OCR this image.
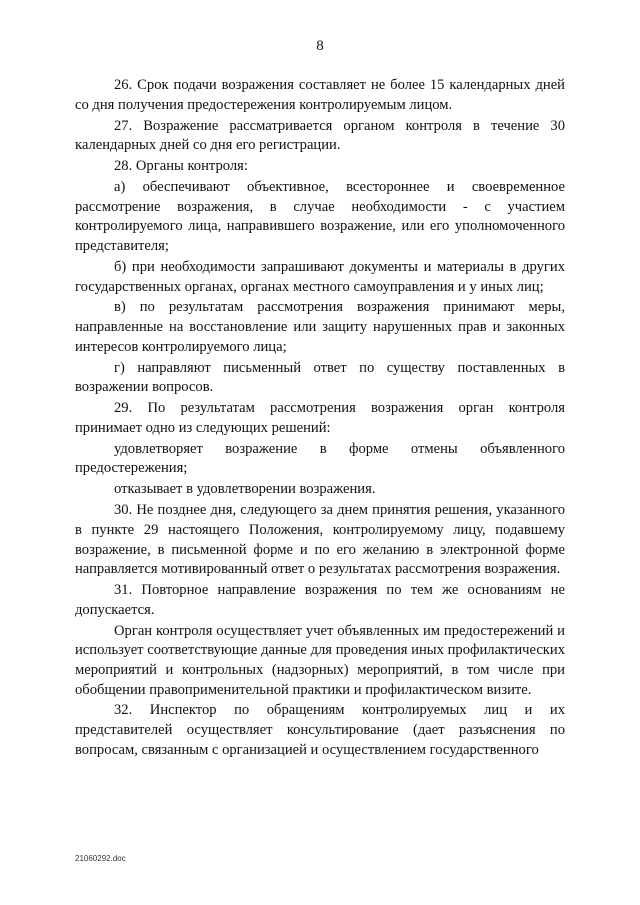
8

26. Срок подачи возражения составляет не более 15 календарных дней со дня получения предостережения контролируемым лицом.

27. Возражение рассматривается органом контроля в течение 30 календарных дней со дня его регистрации.

28. Органы контроля:

а) обеспечивают объективное, всестороннее и своевременное рассмотрение возражения, в случае необходимости - с участием контролируемого лица, направившего возражение, или его уполномоченного представителя;

б) при необходимости запрашивают документы и материалы в других государственных органах, органах местного самоуправления и у иных лиц;

в) по результатам рассмотрения возражения принимают меры, направленные на восстановление или защиту нарушенных прав и законных интересов контролируемого лица;

г) направляют письменный ответ по существу поставленных в возражении вопросов.

29. По результатам рассмотрения возражения орган контроля принимает одно из следующих решений:

удовлетворяет возражение в форме отмены объявленного предостережения;

отказывает в удовлетворении возражения.

30. Не позднее дня, следующего за днем принятия решения, указанного в пункте 29 настоящего Положения, контролируемому лицу, подавшему возражение, в письменной форме и по его желанию в электронной форме направляется мотивированный ответ о результатах рассмотрения возражения.

31. Повторное направление возражения по тем же основаниям не допускается.

Орган контроля осуществляет учет объявленных им предостережений и использует соответствующие данные для проведения иных профилактических мероприятий и контрольных (надзорных) мероприятий, в том числе при обобщении правоприменительной практики и профилактическом визите.

32. Инспектор по обращениям контролируемых лиц и их представителей осуществляет консультирование (дает разъяснения по вопросам, связанным с организацией и осуществлением государственного

21060292.doc
